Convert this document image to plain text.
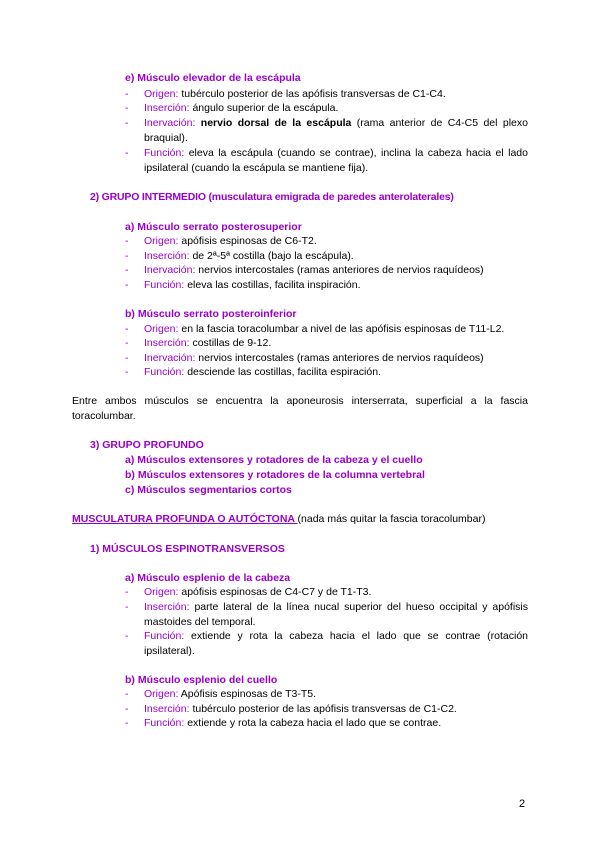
e) Músculo elevador de la escápula
- Origen: tubérculo posterior de las apófisis transversas de C1-C4.
- Inserción: ángulo superior de la escápula.
- Inervación: nervio dorsal de la escápula (rama anterior de C4-C5 del plexo braquial).
- Función: eleva la escápula (cuando se contrae), inclina la cabeza hacia el lado ipsilateral (cuando la escápula se mantiene fija).
2) GRUPO INTERMEDIO (musculatura emigrada de paredes anterolaterales)
a) Músculo serrato posterosuperior
- Origen: apófisis espinosas de C6-T2.
- Inserción: de 2ª-5ª costilla (bajo la escápula).
- Inervación: nervios intercostales (ramas anteriores de nervios raquídeos)
- Función: eleva las costillas, facilita inspiración.
b) Músculo serrato posteroinferior
- Origen: en la fascia toracolumbar a nivel de las apófisis espinosas de T11-L2.
- Inserción: costillas de 9-12.
- Inervación: nervios intercostales (ramas anteriores de nervios raquídeos)
- Función: desciende las costillas, facilita espiración.
Entre ambos músculos se encuentra la aponeurosis interserrata, superficial a la fascia toracolumbar.
3) GRUPO PROFUNDO
a) Músculos extensores y rotadores de la cabeza y el cuello
b) Músculos extensores y rotadores de la columna vertebral
c) Músculos segmentarios cortos
MUSCULATURA PROFUNDA O AUTÓCTONA (nada más quitar la fascia toracolumbar)
1) MÚSCULOS ESPINOTRANSVERSOS
a) Músculo esplenio de la cabeza
- Origen: apófisis espinosas de C4-C7 y de T1-T3.
- Inserción: parte lateral de la línea nucal superior del hueso occipital y apófisis mastoides del temporal.
- Función: extiende y rota la cabeza hacia el lado que se contrae (rotación ipsilateral).
b) Músculo esplenio del cuello
- Origen: Apófisis espinosas de T3-T5.
- Inserción: tubérculo posterior de las apófisis transversas de C1-C2.
- Función: extiende y rota la cabeza hacia el lado que se contrae.
2
